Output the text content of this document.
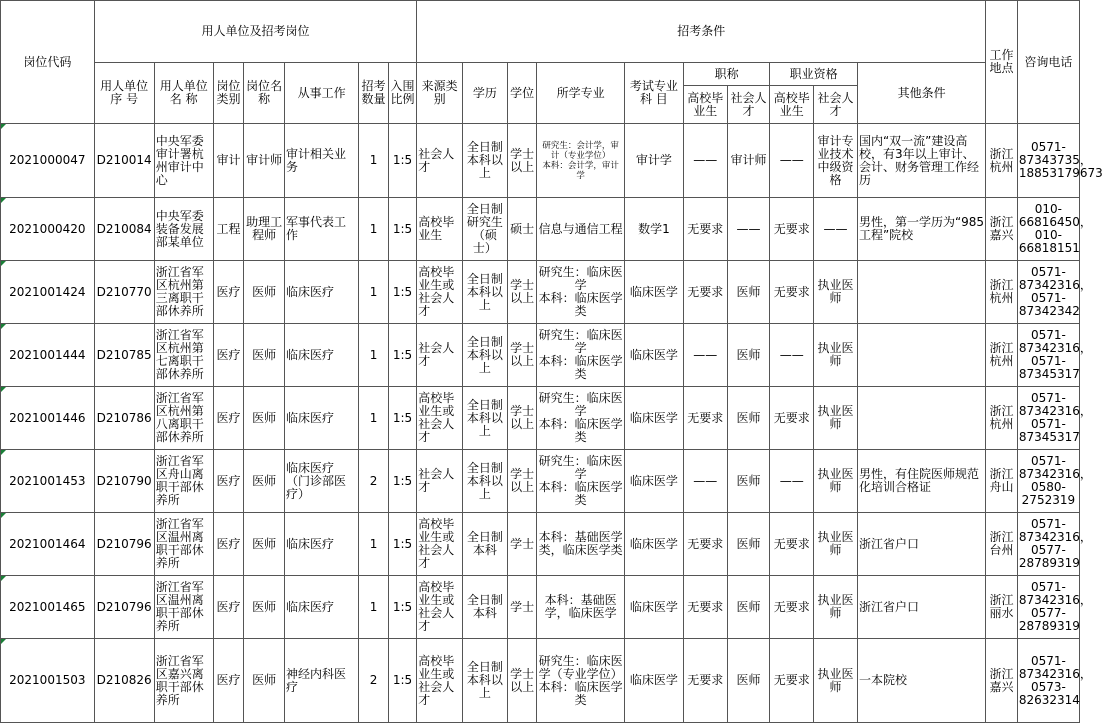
岗位代码	用人单位及招考岗位							招考条件										工作地点	咨询电话
	用人单位序 号	用人单位名 称	岗位类别	岗位名称	从事工作	招考数量	入围比例	来源类别	学历	学位	所学专业	考试专业科 目	职称		职业资格		其他条件		
													高校毕业生	社会人才	高校毕业生	社会人才			
2021000047	D210014	中央军委审计署杭州审计中心	审计	审计师	审计相关业务	1	1:5	社会人才	全日制本科以上	学士以上	研究生：会计学，审计（专业学位）
本科：会计学，审计学	审计学	——	审计师	——	审计专业技术中级资格	国内“双一流”建设高校，有3年以上审计、会计、财务管理工作经历	浙江杭州	0571-87343735，18853179673
2021000420	D210084	中央军委装备发展部某单位	工程	助理工程师	军事代表工作	1	1:5	高校毕业生	全日制研究生（硕士）	硕士	信息与通信工程	数学1	无要求	——	无要求	——	男性，第一学历为“985工程”院校	浙江嘉兴	010-66816450，010-66818151
2021001424	D210770	浙江省军区杭州第三离职干部休养所	医疗	医师	临床医疗	1	1:5	高校毕业生或社会人才	全日制本科以上	学士以上	研究生：临床医学
本科：临床医学类	临床医学	无要求	医师	无要求	执业医师		浙江杭州	0571-87342316，0571-87342342
2021001444	D210785	浙江省军区杭州第七离职干部休养所	医疗	医师	临床医疗	1	1:5	社会人才	全日制本科以上	学士以上	研究生：临床医学
本科：临床医学类	临床医学	——	医师	——	执业医师		浙江杭州	0571-87342316，0571-87345317
2021001446	D210786	浙江省军区杭州第八离职干部休养所	医疗	医师	临床医疗	1	1:5	高校毕业生或社会人才	全日制本科以上	学士以上	研究生：临床医学
本科：临床医学类	临床医学	无要求	医师	无要求	执业医师		浙江杭州	0571-87342316，0571-87345317
2021001453	D210790	浙江省军区舟山离职干部休养所	医疗	医师	临床医疗（门诊部医疗）	2	1:5	社会人才	全日制本科以上	学士以上	研究生：临床医学
本科：临床医学类	临床医学	——	医师	——	执业医师	男性，有住院医师规范化培训合格证	浙江舟山	0571-87342316，0580-2752319
2021001464	D210796	浙江省军区温州离职干部休养所	医疗	医师	临床医疗	1	1:5	高校毕业生或社会人才	全日制本科	学士	本科：基础医学类，临床医学类	临床医学	无要求	医师	无要求	执业医师	浙江省户口	浙江台州	0571-87342316，0577-28789319
2021001465	D210796	浙江省军区温州离职干部休养所	医疗	医师	临床医疗	1	1:5	高校毕业生或社会人才	全日制本科	学士	本科：基础医学，临床医学	临床医学	无要求	医师	无要求	执业医师	浙江省户口	浙江丽水	0571-87342316，0577-28789319
2021001503	D210826	浙江省军区嘉兴离职干部休养所	医疗	医师	神经内科医疗	2	1:5	高校毕业生或社会人才	全日制本科以上	学士以上	研究生：临床医学（专业学位）
本科：临床医学类	临床医学	无要求	医师	无要求	执业医师	一本院校	浙江嘉兴	0571-87342316，0573-82632314
